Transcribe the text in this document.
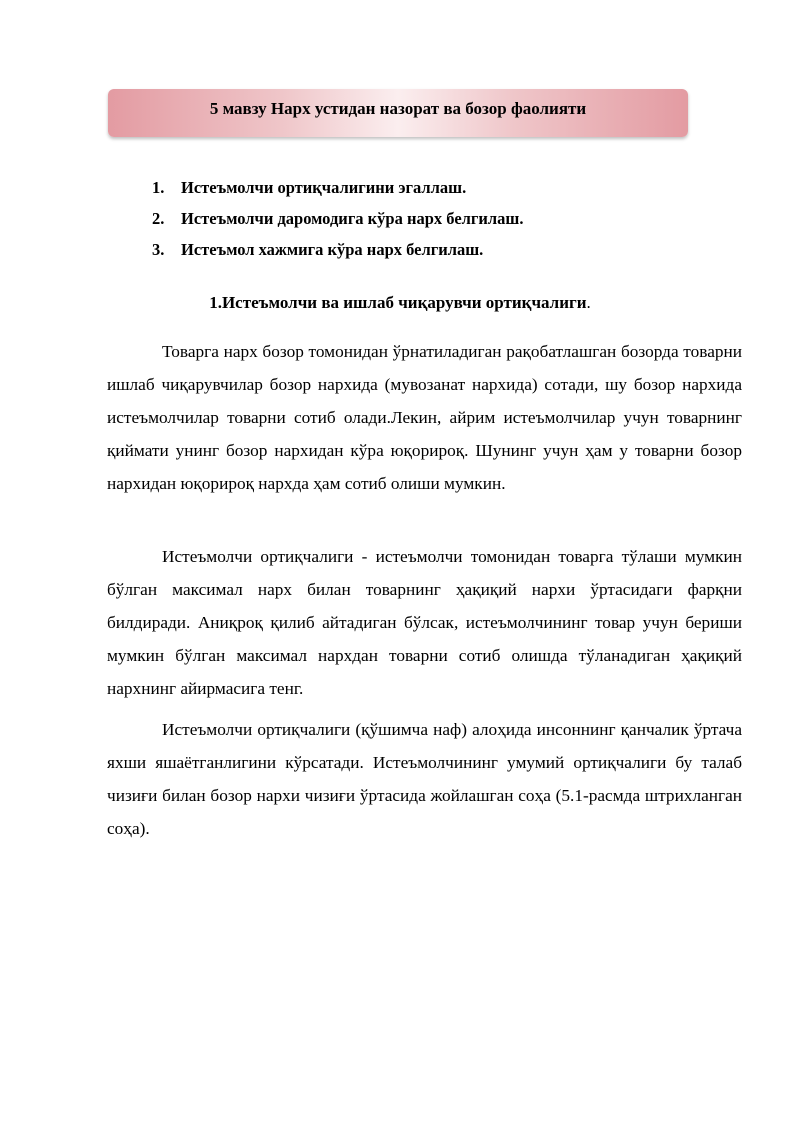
5 мавзу Нарх устидан назорат ва бозор фаолияти
1.	Истеъмолчи ортиқчалигини эгаллаш.
2.	Истеъмолчи даромодига кўра нарх белгилаш.
3.	Истеъмол хажмига кўра нарх белгилаш.
1.Истеъмолчи ва ишлаб чиқарувчи ортиқчалиги.

Товарга нарх бозор томонидан ўрнатиладиган рақобатлашган бозорда товарни ишлаб чиқарувчилар бозор нархида (мувозанат нархида) сотади, шу бозор нархида истеъмолчилар товарни сотиб олади.Лекин, айрим истеъмолчилар учун товарнинг қиймати унинг бозор нархидан кўра юқорироқ. Шунинг учун ҳам у товарни бозор нархидан юқорироқ нархда ҳам сотиб олиши мумкин.

Истеъмолчи ортиқчалиги - истеъмолчи томонидан товарга тўлаши мумкин бўлган максимал нарх билан товарнинг ҳақиқий нархи ўртасидаги фарқни билдиради. Аниқроқ қилиб айтадиган бўлсак, истеъмолчининг товар учун бериши мумкин бўлган максимал нархдан товарни сотиб олишда тўланадиган ҳақиқий нархнинг айирмасига тенг.

Истеъмолчи ортиқчалиги (қўшимча наф) алоҳида инсоннинг қанчалик ўртача яхши яшаётганлигини кўрсатади. Истеъмолчининг умумий ортиқчалиги бу талаб чизиғи билан бозор нархи чизиғи ўртасида жойлашган соҳа (5.1-расмда штрихланган соҳа).
